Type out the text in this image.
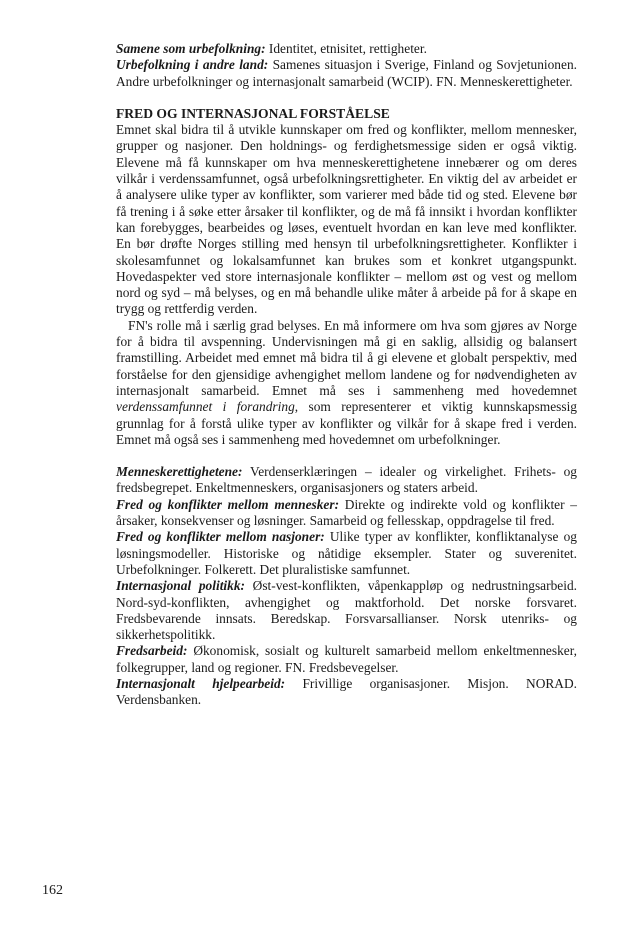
Samene som urbefolkning: Identitet, etnisitet, rettigheter.

Urbefolkning i andre land: Samenes situasjon i Sverige, Finland og Sovjetunionen. Andre urbefolkninger og internasjonalt samarbeid (WCIP). FN. Menneskerettigheter.

FRED OG INTERNASJONAL FORSTÅELSE

Emnet skal bidra til å utvikle kunnskaper om fred og konflikter, mellom mennesker, grupper og nasjoner. Den holdnings- og ferdighetsmessige siden er også viktig. Elevene må få kunnskaper om hva menneskerettighetene innebærer og om deres vilkår i verdenssamfunnet, også urbefolkningsrettigheter. En viktig del av arbeidet er å analysere ulike typer av konflikter, som varierer med både tid og sted. Elevene bør få trening i å søke etter årsaker til konflikter, og de må få innsikt i hvordan konflikter kan forebygges, bearbeides og løses, eventuelt hvordan en kan leve med konflikter. En bør drøfte Norges stilling med hensyn til urbefolkningsrettigheter. Konflikter i skolesamfunnet og lokalsamfunnet kan brukes som et konkret utgangspunkt. Hovedaspekter ved store internasjonale konflikter – mellom øst og vest og mellom nord og syd – må belyses, og en må behandle ulike måter å arbeide på for å skape en trygg og rettferdig verden.

FN's rolle må i særlig grad belyses. En må informere om hva som gjøres av Norge for å bidra til avspenning. Undervisningen må gi en saklig, allsidig og balansert framstilling. Arbeidet med emnet må bidra til å gi elevene et globalt perspektiv, med forståelse for den gjensidige avhengighet mellom landene og for nødvendigheten av internasjonalt samarbeid. Emnet må ses i sammenheng med hovedemnet verdenssamfunnet i forandring, som representerer et viktig kunnskapsmessig grunnlag for å forstå ulike typer av konflikter og vilkår for å skape fred i verden. Emnet må også ses i sammenheng med hovedemnet om urbefolkninger.

Menneskerettighetene: Verdenserklæringen – idealer og virkelighet. Frihets- og fredsbegrepet. Enkeltmenneskers, organisasjoners og staters arbeid.

Fred og konflikter mellom mennesker: Direkte og indirekte vold og konflikter – årsaker, konsekvenser og løsninger. Samarbeid og fellesskap, oppdragelse til fred.

Fred og konflikter mellom nasjoner: Ulike typer av konflikter, konfliktanalyse og løsningsmodeller. Historiske og nåtidige eksempler. Stater og suverenitet. Urbefolkninger. Folkerett. Det pluralistiske samfunnet.

Internasjonal politikk: Øst-vest-konflikten, våpenkappløp og nedrustningsarbeid. Nord-syd-konflikten, avhengighet og maktforhold. Det norske forsvaret. Fredsbevarende innsats. Beredskap. Forsvarsallianser. Norsk utenriks- og sikkerhetspolitikk.

Fredsarbeid: Økonomisk, sosialt og kulturelt samarbeid mellom enkeltmennesker, folkegrupper, land og regioner. FN. Fredsbevegelser.

Internasjonalt hjelpearbeid: Frivillige organisasjoner. Misjon. NORAD. Verdensbanken.

162
